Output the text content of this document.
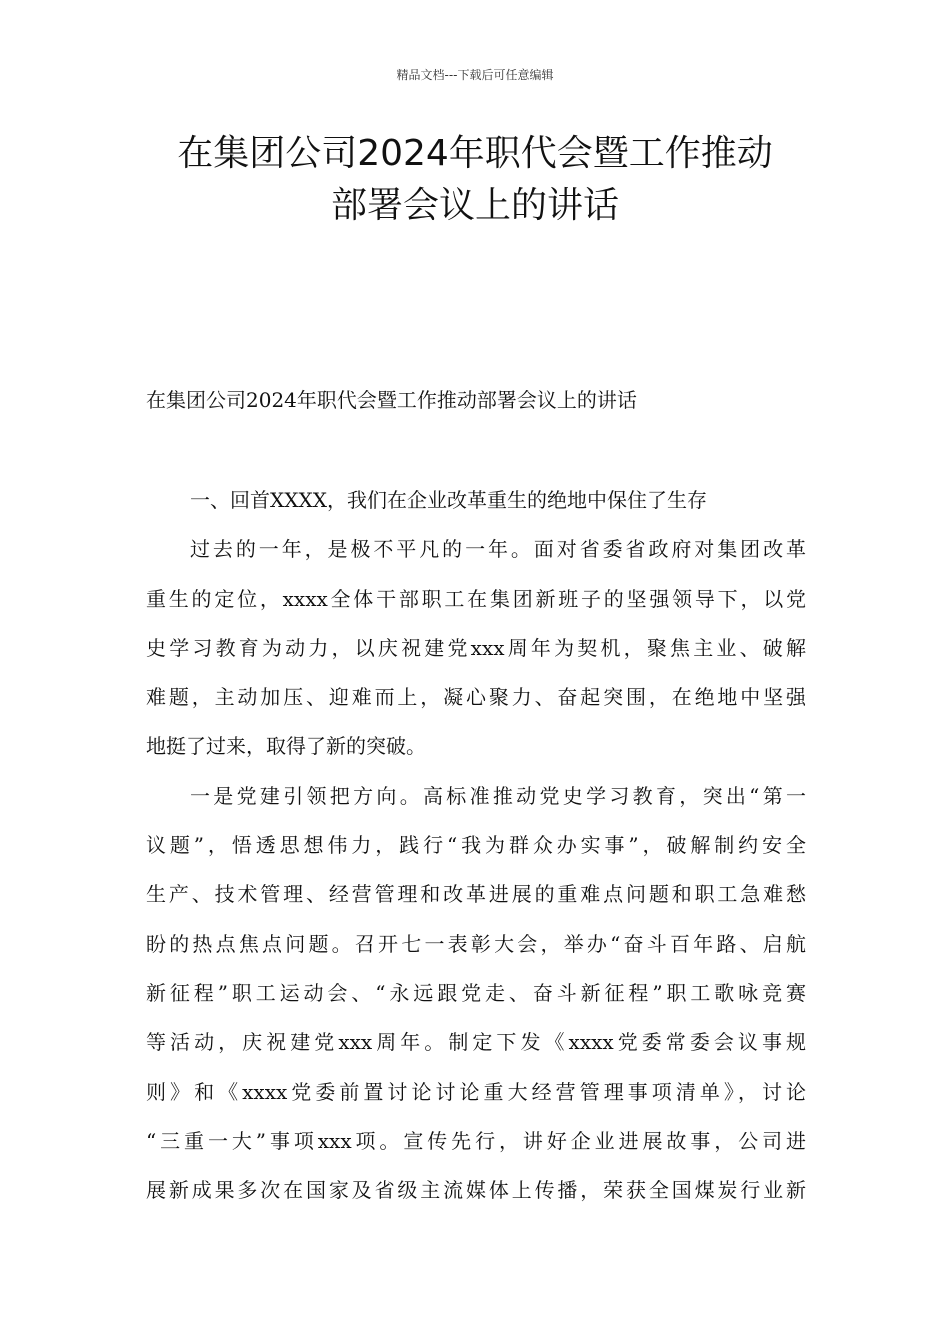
精品文档---下载后可任意编辑
在集团公司2024年职代会暨工作推动
部署会议上的讲话
在集团公司2024年职代会暨工作推动部署会议上的讲话
一、回首XXXX，我们在企业改革重生的绝地中保住了生存
过去的一年，是极不平凡的一年。面对省委省政府对集团改革
重生的定位，xxxx全体干部职工在集团新班子的坚强领导下，以党
史学习教育为动力，以庆祝建党xxx周年为契机，聚焦主业、破解
难题，主动加压、迎难而上，凝心聚力、奋起突围，在绝地中坚强
地挺了过来，取得了新的突破。
一是党建引领把方向。高标准推动党史学习教育，突出“第一
议题”，悟透思想伟力，践行“我为群众办实事”，破解制约安全
生产、技术管理、经营管理和改革进展的重难点问题和职工急难愁
盼的热点焦点问题。召开七一表彰大会，举办“奋斗百年路、启航
新征程”职工运动会、“永远跟党走、奋斗新征程”职工歌咏竞赛
等活动，庆祝建党xxx周年。制定下发《xxxx党委常委会议事规
则》和《xxxx党委前置讨论讨论重大经营管理事项清单》，讨论
“三重一大”事项xxx项。宣传先行，讲好企业进展故事，公司进
展新成果多次在国家及省级主流媒体上传播，荣获全国煤炭行业新
